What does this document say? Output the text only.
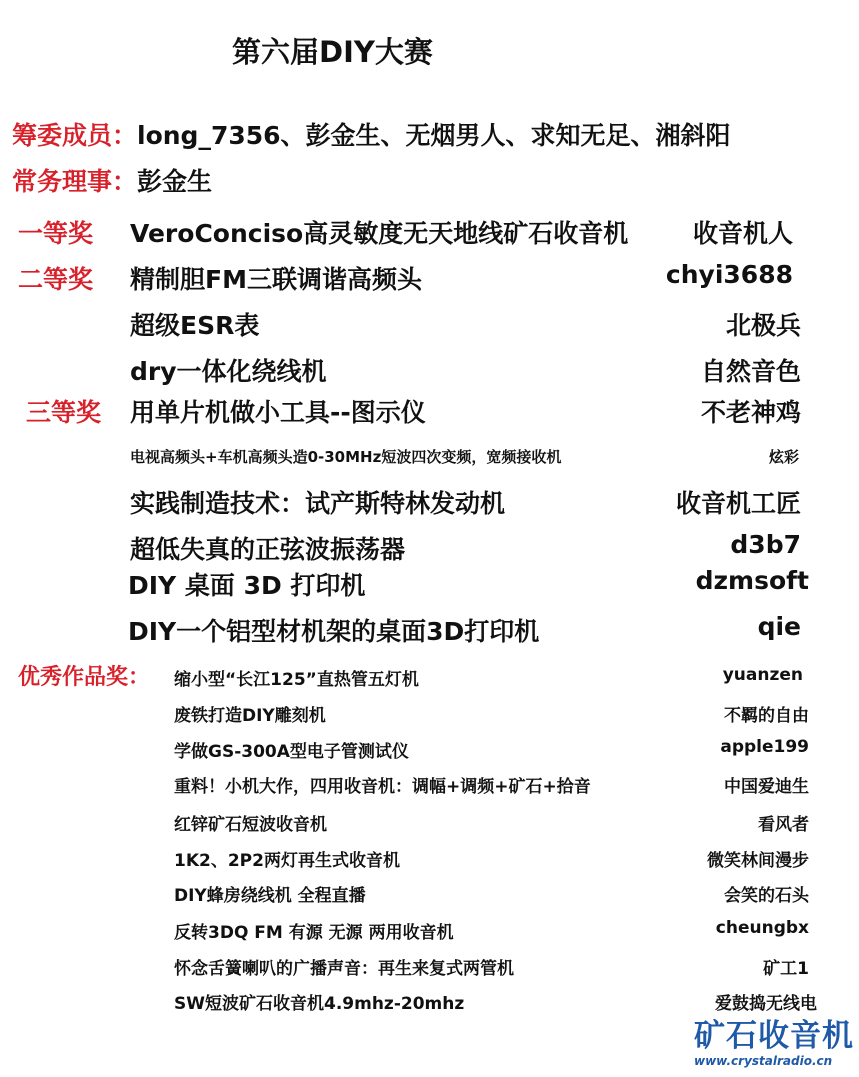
第六届DIY大赛
筹委成员：long_7356、彭金生、无烟男人、求知无足、湘斜阳
常务理事：彭金生
一等奖 VeroConciso高灵敏度无天地线矿石收音机	收音机人
二等奖 精制胆FM三联调谐高频头	chyi3688
超级ESR表	北极兵
dry一体化绕线机	自然音色
三等奖 用单片机做小工具--图示仪	不老神鸡
电视高频头+车机高频头造0-30MHz短波四次变频，宽频接收机	炫彩
实践制造技术：试产斯特林发动机	收音机工匠
超低失真的正弦波振荡器	d3b7
DIY 桌面 3D 打印机	dzmsoft
DIY一个铝型材机架的桌面3D打印机	qie
优秀作品奖： 缩小型“长江125”直热管五灯机	yuanzen
废铁打造DIY雕刻机	不羁的自由
学做GS-300A型电子管测试仪	apple199
重料！小机大作，四用收音机：调幅+调频+矿石+拾音	中国爱迪生
红锌矿石短波收音机	看风者
1K2、2P2两灯再生式收音机	微笑林间漫步
DIY蜂房绕线机 全程直播	会笑的石头
反转3DQ FM 有源 无源 两用收音机	cheungbx
怀念舌簧喇叭的广播声音：再生来复式两管机	矿工1
SW短波矿石收音机4.9mhz-20mhz	爱鼓捣无线电
矿石收音机
www.crystalradio.cn
